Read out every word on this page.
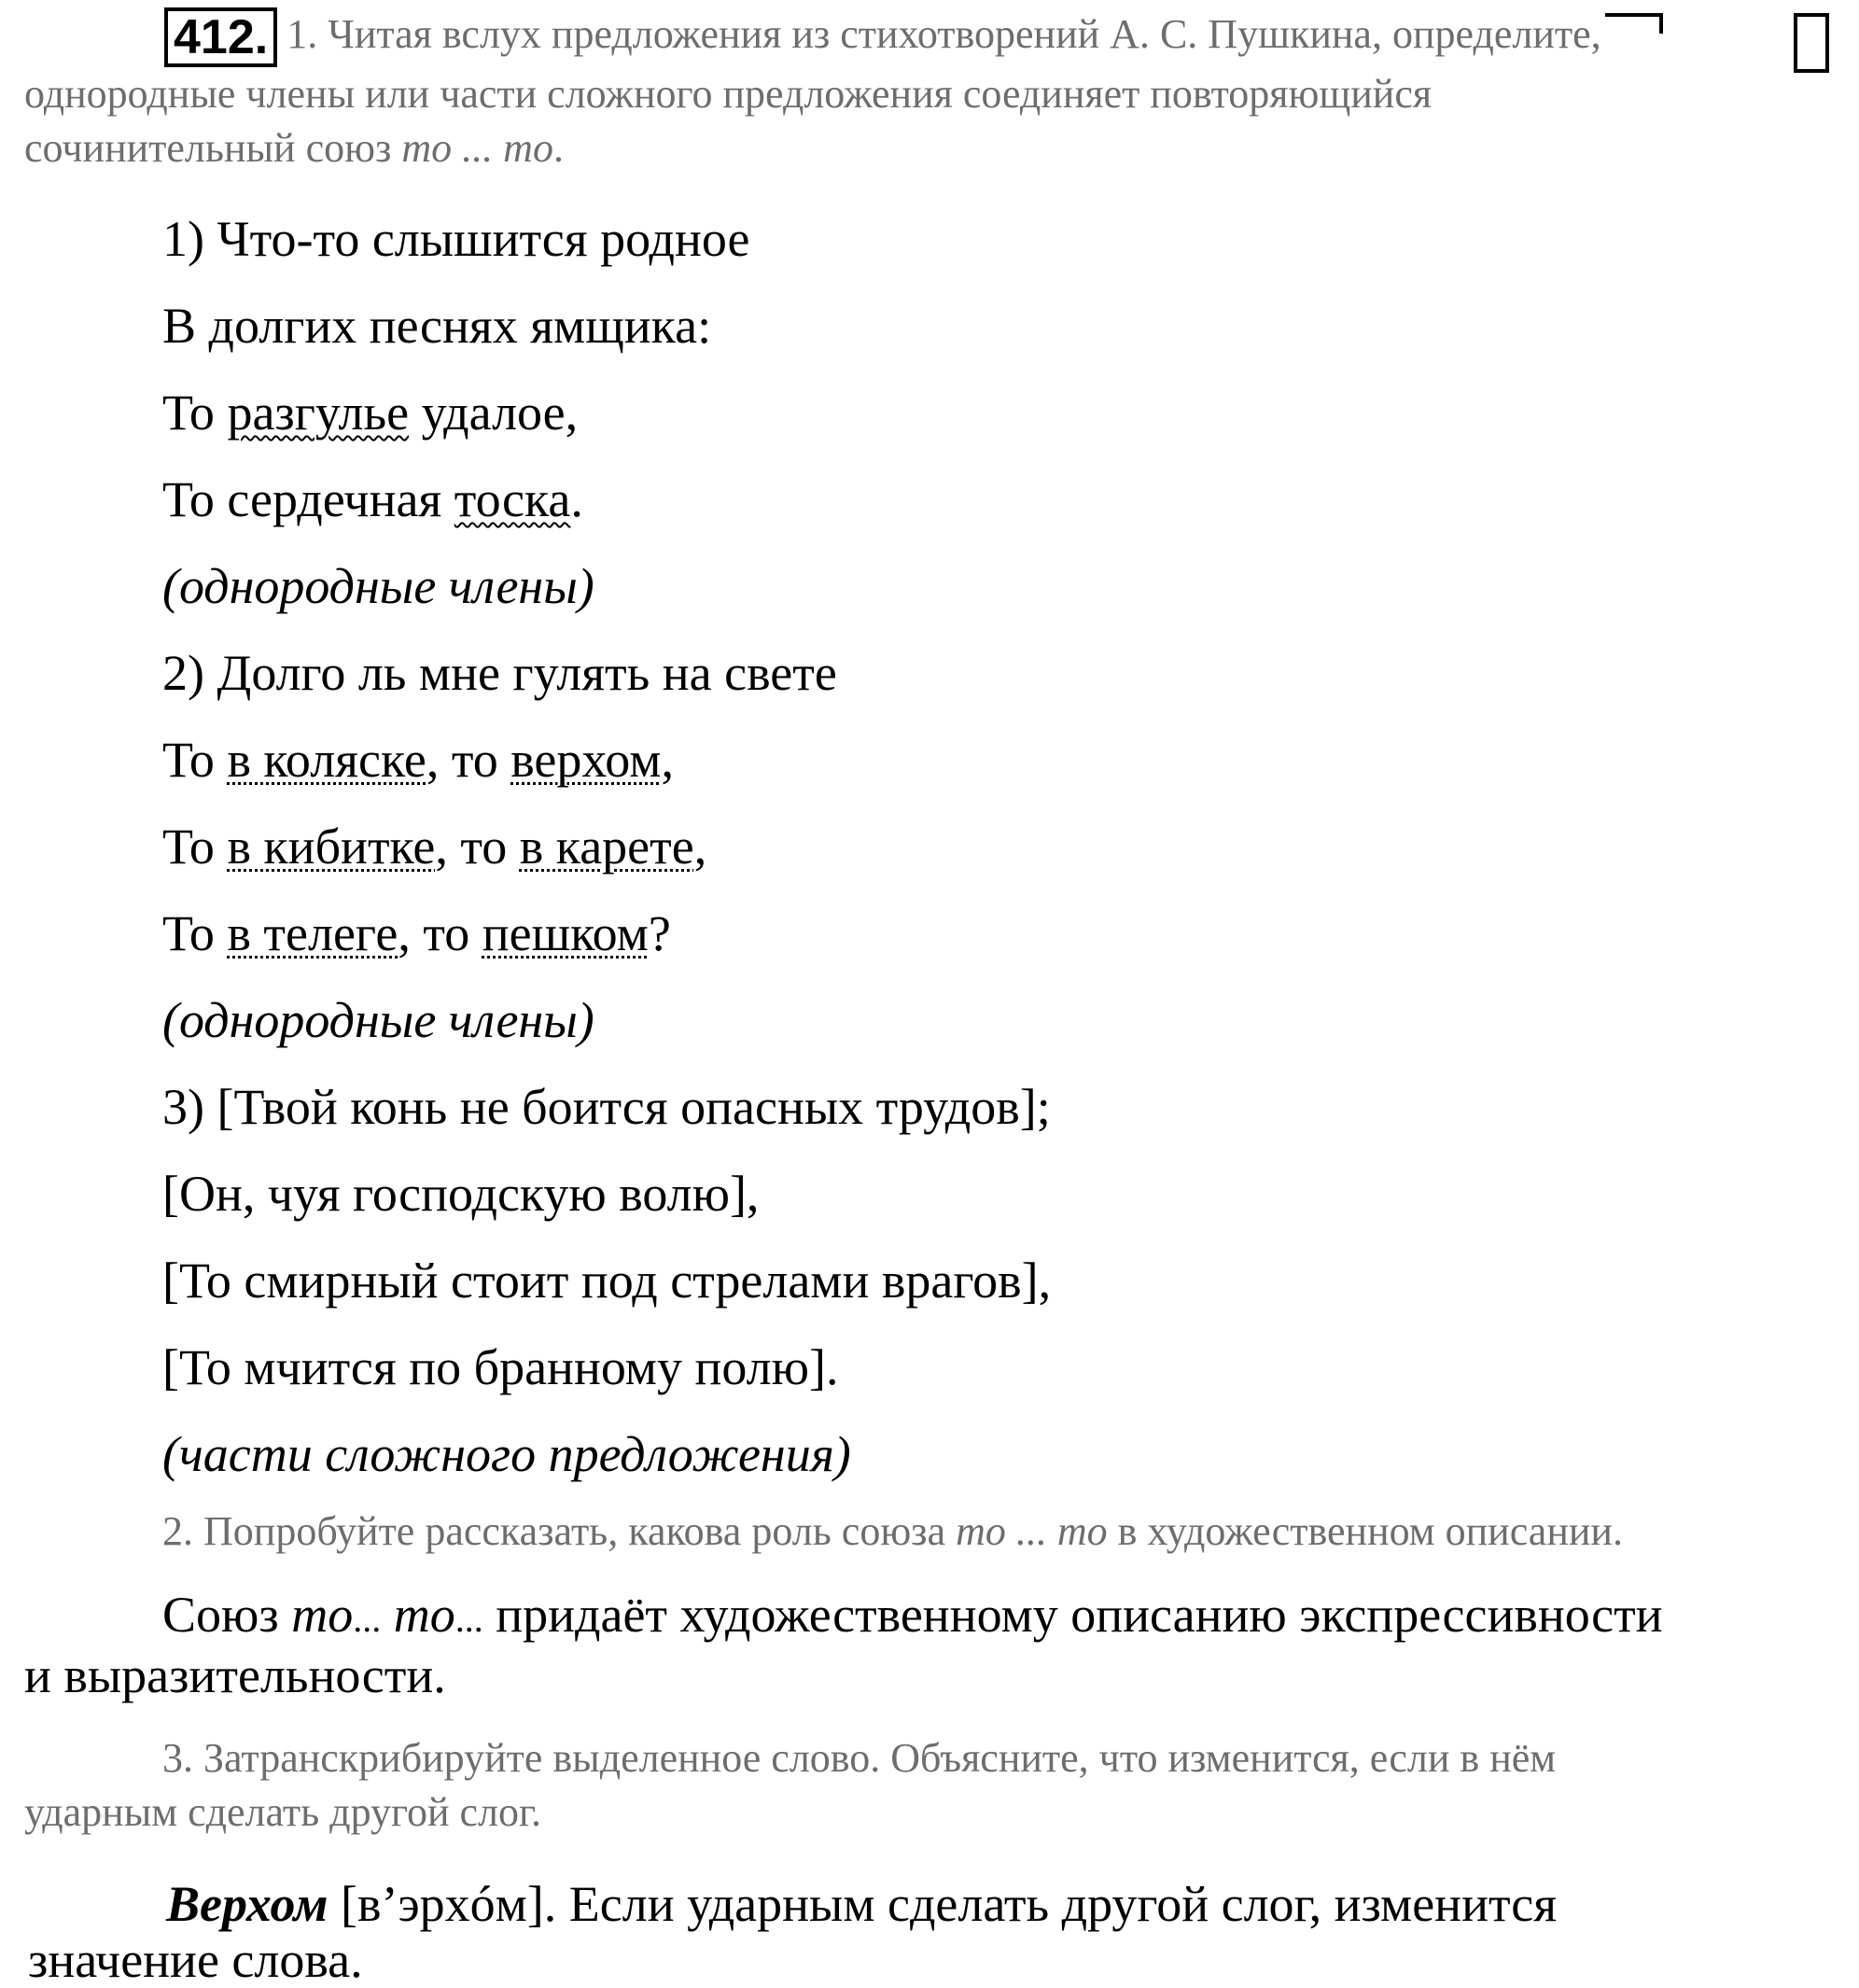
412. 1. Читая вслух предложения из стихотворений А. С. Пушкина, определите,
однородные члены или части сложного предложения соединяет повторяющийся
сочинительный союз то ... то.
1) Что-то слышится родное
В долгих песнях ямщика:
То разгулье удалое,
То сердечная тоска.
(однородные члены)
2) Долго ль мне гулять на свете
То в коляске, то верхом,
То в кибитке, то в карете,
То в телеге, то пешком?
(однородные члены)
3) [Твой конь не боится опасных трудов];
[Он, чуя господскую волю],
[То смирный стоит под стрелами врагов],
[То мчится по бранному полю].
(части сложного предложения)
2. Попробуйте рассказать, какова роль союза то ... то в художественном описании.
Союз то... то... придаёт художественному описанию экспрессивности
и выразительности.
3. Затранскрибируйте выделенное слово. Объясните, что изменится, если в нём
ударным сделать другой слог.
Верхом [в’эрхóм]. Если ударным сделать другой слог, изменится
значение слова.
